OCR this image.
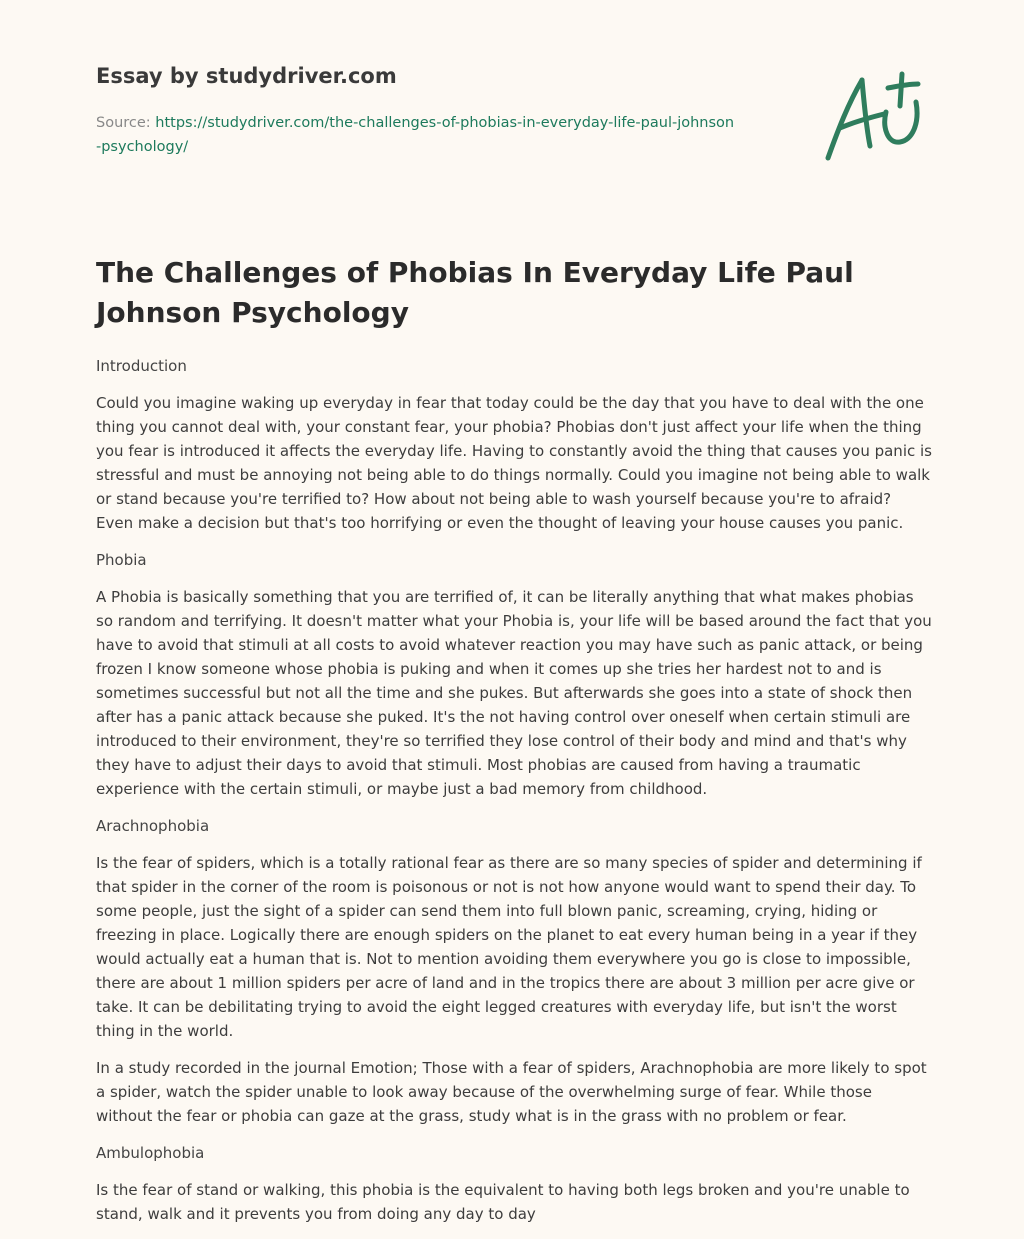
Essay by studydriver.com
Source: https://studydriver.com/the-challenges-of-phobias-in-everyday-life-paul-johnson-psychology/
The Challenges of Phobias In Everyday Life Paul Johnson Psychology

Introduction

Could you imagine waking up everyday in fear that today could be the day that you have to deal with the one thing you cannot deal with, your constant fear, your phobia? Phobias don't just affect your life when the thing you fear is introduced it affects the everyday life. Having to constantly avoid the thing that causes you panic is stressful and must be annoying not being able to do things normally. Could you imagine not being able to walk or stand because you're terrified to? How about not being able to wash yourself because you're to afraid? Even make a decision but that's too horrifying or even the thought of leaving your house causes you panic.

Phobia

A Phobia is basically something that you are terrified of, it can be literally anything that what makes phobias so random and terrifying. It doesn't matter what your Phobia is, your life will be based around the fact that you have to avoid that stimuli at all costs to avoid whatever reaction you may have such as panic attack, or being frozen I know someone whose phobia is puking and when it comes up she tries her hardest not to and is sometimes successful but not all the time and she pukes. But afterwards she goes into a state of shock then after has a panic attack because she puked. It's the not having control over oneself when certain stimuli are introduced to their environment, they're so terrified they lose control of their body and mind and that's why they have to adjust their days to avoid that stimuli. Most phobias are caused from having a traumatic experience with the certain stimuli, or maybe just a bad memory from childhood.

Arachnophobia

Is the fear of spiders, which is a totally rational fear as there are so many species of spider and determining if that spider in the corner of the room is poisonous or not is not how anyone would want to spend their day. To some people, just the sight of a spider can send them into full blown panic, screaming, crying, hiding or freezing in place. Logically there are enough spiders on the planet to eat every human being in a year if they would actually eat a human that is. Not to mention avoiding them everywhere you go is close to impossible, there are about 1 million spiders per acre of land and in the tropics there are about 3 million per acre give or take. It can be debilitating trying to avoid the eight legged creatures with everyday life, but isn't the worst thing in the world.

In a study recorded in the journal Emotion; Those with a fear of spiders, Arachnophobia are more likely to spot a spider, watch the spider unable to look away because of the overwhelming surge of fear. While those without the fear or phobia can gaze at the grass, study what is in the grass with no problem or fear.

Ambulophobia

Is the fear of stand or walking, this phobia is the equivalent to having both legs broken and you're unable to stand, walk and it prevents you from doing any day to day
